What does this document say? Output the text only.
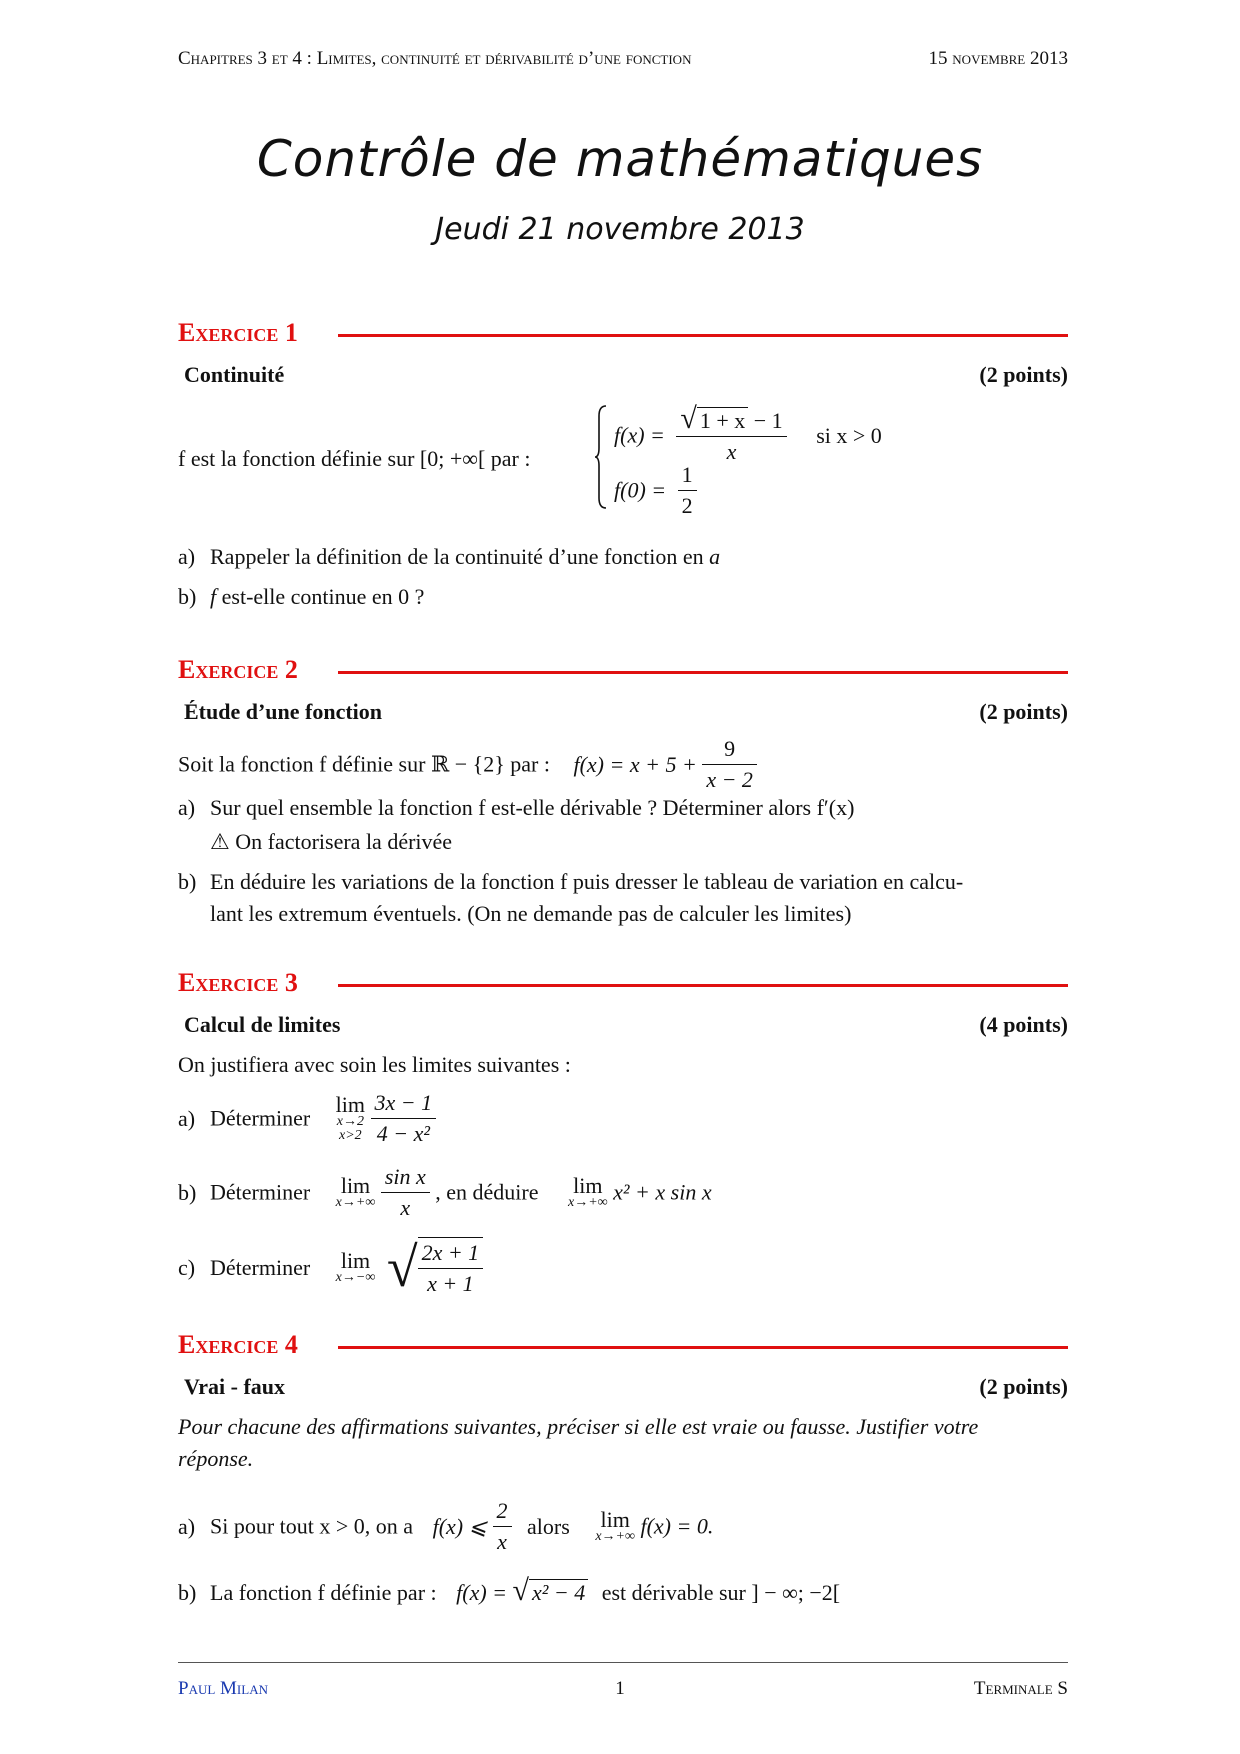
Chapitres 3 et 4 : Limites, continuité et dérivabilité d’une fonction	15 novembre 2013
Contrôle de mathématiques
Jeudi 21 novembre 2013
Exercice 1
Continuité	(2 points)
f est la fonction définie sur [0; +∞[ par :
$f(x) = \frac{√ 1 + x - 1}{x}$ si x > 0
$f(0) = \frac{1}{2}$
a) Rappeler la définition de la continuité d’une fonction en a
b) f est-elle continue en 0 ?
Exercice 2
Étude d’une fonction	(2 points)
Soit la fonction f définie sur ℝ − {2} par : $f(x) = x + 5 + \frac{9}{x - 2}$
a) Sur quel ensemble la fonction f est-elle dérivable ? Déterminer alors f′(x)
⚠ On factorisera la dérivée
b) En déduire les variations de la fonction f puis dresser le tableau de variation en calcu-
lant les extremum éventuels. (On ne demande pas de calculer les limites)
Exercice 3
Calcul de limites	(4 points)
On justifiera avec soin les limites suivantes :
a) Déterminer
lim
x→2
x>2
$\frac{3x - 1}{\text{4 − x²}}$
b) Déterminer lim
x→+∞
$\frac{\text{sin x}}{x}$ , en déduire lim
x→+∞ x² + x sin x
c) Déterminer lim
x→−∞ √ $\frac{2x + 1}{x + 1}$
Exercice 4
Vrai - faux	(2 points)
Pour chacune des affirmations suivantes, préciser si elle est vraie ou fausse. Justifier votre
réponse.
a) Si pour tout x > 0, on a f(x) ⩽ $\frac{2}{x}$ alors lim
x→+∞ f(x) = 0.
b) La fonction f définie par : f(x) = √ x² − 4 est dérivable sur ] − ∞; −2[
Paul Milan	1	Terminale S
